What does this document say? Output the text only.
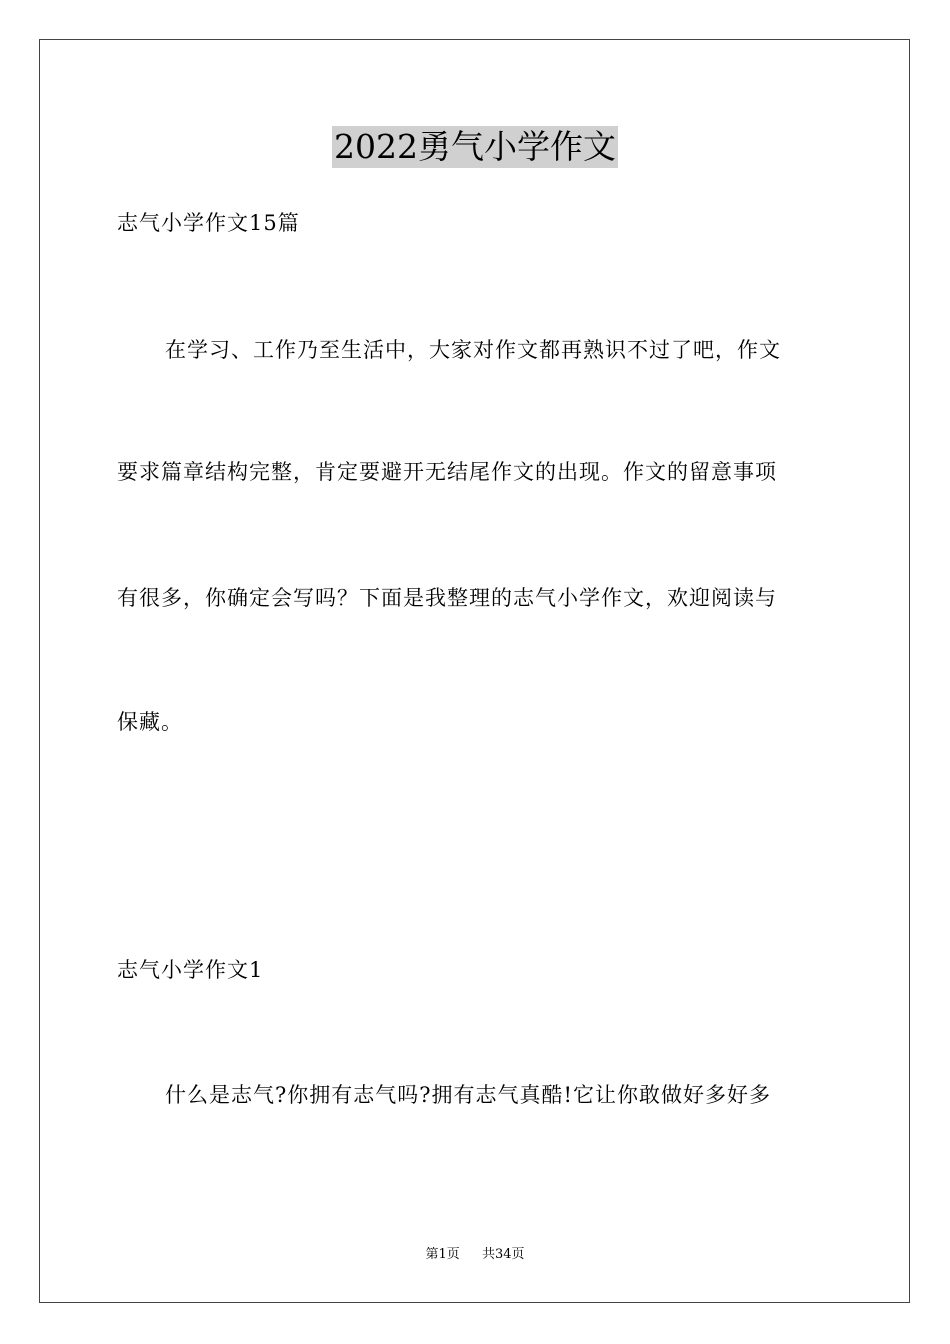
2022勇气小学作文
志气小学作文15篇
在学习、工作乃至生活中，大家对作文都再熟识不过了吧，作文
要求篇章结构完整，肯定要避开无结尾作文的出现。作文的留意事项
有很多，你确定会写吗？下面是我整理的志气小学作文，欢迎阅读与
保藏。
志气小学作文1
什么是志气?你拥有志气吗?拥有志气真酷!它让你敢做好多好多
第1页 共34页
